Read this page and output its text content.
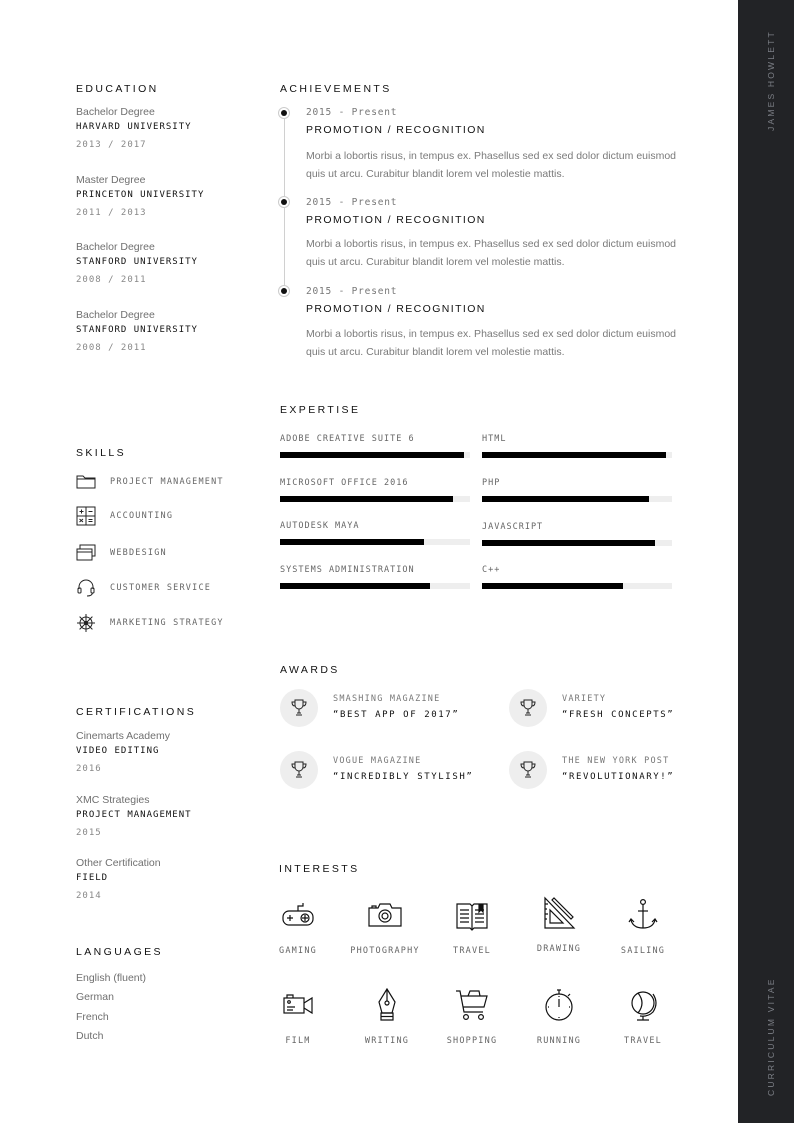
JAMES HOWLETT
CURRICULUM VITAE
EDUCATION
Bachelor Degree
HARVARD UNIVERSITY
2013 / 2017
Master Degree
PRINCETON UNIVERSITY
2011 / 2013
Bachelor Degree
STANFORD UNIVERSITY
2008 / 2011
Bachelor Degree
STANFORD UNIVERSITY
2008 / 2011
ACHIEVEMENTS
2015 - Present
PROMOTION / RECOGNITION
Morbi a lobortis risus, in tempus ex. Phasellus sed ex sed dolor dictum euismod quis ut arcu. Curabitur blandit lorem vel molestie mattis.
2015 - Present
PROMOTION / RECOGNITION
Morbi a lobortis risus, in tempus ex. Phasellus sed ex sed dolor dictum euismod quis ut arcu. Curabitur blandit lorem vel molestie mattis.
2015 - Present
PROMOTION / RECOGNITION
Morbi a lobortis risus, in tempus ex. Phasellus sed ex sed dolor dictum euismod quis ut arcu. Curabitur blandit lorem vel molestie mattis.
SKILLS
PROJECT MANAGEMENT
ACCOUNTING
WEBDESIGN
CUSTOMER SERVICE
MARKETING STRATEGY
EXPERTISE
ADOBE CREATIVE SUITE 6	HTML
MICROSOFT OFFICE 2016	PHP
AUTODESK MAYA	JAVASCRIPT
SYSTEMS ADMINISTRATION	C++
AWARDS
SMASHING MAGAZINE
“BEST APP OF 2017”
VARIETY
“FRESH CONCEPTS”
VOGUE MAGAZINE
“INCREDIBLY STYLISH”
THE NEW YORK POST
“REVOLUTIONARY!”
CERTIFICATIONS
Cinemarts Academy
VIDEO EDITING
2016
XMC Strategies
PROJECT MANAGEMENT
2015
Other Certification
FIELD
2014
LANGUAGES
English (fluent)
German
French
Dutch
INTERESTS
GAMING	PHOTOGRAPHY	TRAVEL	DRAWING	SAILING
FILM	WRITING	SHOPPING	RUNNING	TRAVEL
